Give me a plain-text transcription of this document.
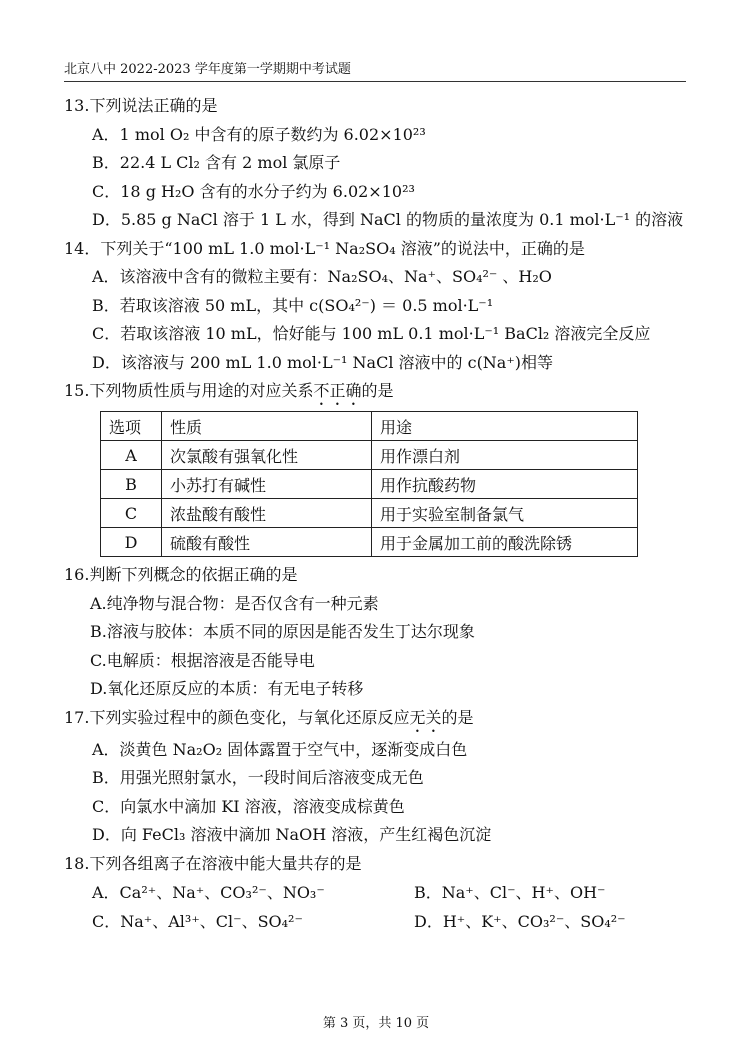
北京八中 2022-2023 学年度第一学期期中考试题
13.下列说法正确的是
A．1 mol O₂ 中含有的原子数约为 6.02×10²³
B．22.4 L Cl₂ 含有 2 mol 氯原子
C．18 g H₂O 含有的水分子约为 6.02×10²³
D．5.85 g NaCl 溶于 1 L 水，得到 NaCl 的物质的量浓度为 0.1 mol·L⁻¹ 的溶液
14．下列关于“100 mL 1.0 mol·L⁻¹ Na₂SO₄ 溶液”的说法中，正确的是
A．该溶液中含有的微粒主要有：Na₂SO₄、Na⁺、SO₄²⁻ 、H₂O
B．若取该溶液 50 mL，其中 c(SO₄²⁻) ＝ 0.5 mol·L⁻¹
C．若取该溶液 10 mL，恰好能与 100 mL 0.1 mol·L⁻¹ BaCl₂ 溶液完全反应
D．该溶液与 200 mL 1.0 mol·L⁻¹ NaCl 溶液中的 c(Na⁺)相等
15.下列物质性质与用途的对应关系不正确的是
选项	性质	用途
A	次氯酸有强氧化性	用作漂白剂
B	小苏打有碱性	用作抗酸药物
C	浓盐酸有酸性	用于实验室制备氯气
D	硫酸有酸性	用于金属加工前的酸洗除锈
16.判断下列概念的依据正确的是
A.纯净物与混合物：是否仅含有一种元素
B.溶液与胶体：本质不同的原因是能否发生丁达尔现象
C.电解质：根据溶液是否能导电
D.氧化还原反应的本质：有无电子转移
17.下列实验过程中的颜色变化，与氧化还原反应无关的是
A．淡黄色 Na₂O₂ 固体露置于空气中，逐渐变成白色
B．用强光照射氯水，一段时间后溶液变成无色
C．向氯水中滴加 KI 溶液，溶液变成棕黄色
D．向 FeCl₃ 溶液中滴加 NaOH 溶液，产生红褐色沉淀
18.下列各组离子在溶液中能大量共存的是
A．Ca²⁺、Na⁺、CO₃²⁻、NO₃⁻	B．Na⁺、Cl⁻、H⁺、OH⁻
C．Na⁺、Al³⁺、Cl⁻、SO₄²⁻	D．H⁺、K⁺、CO₃²⁻、SO₄²⁻
第 3 页，共 10 页
